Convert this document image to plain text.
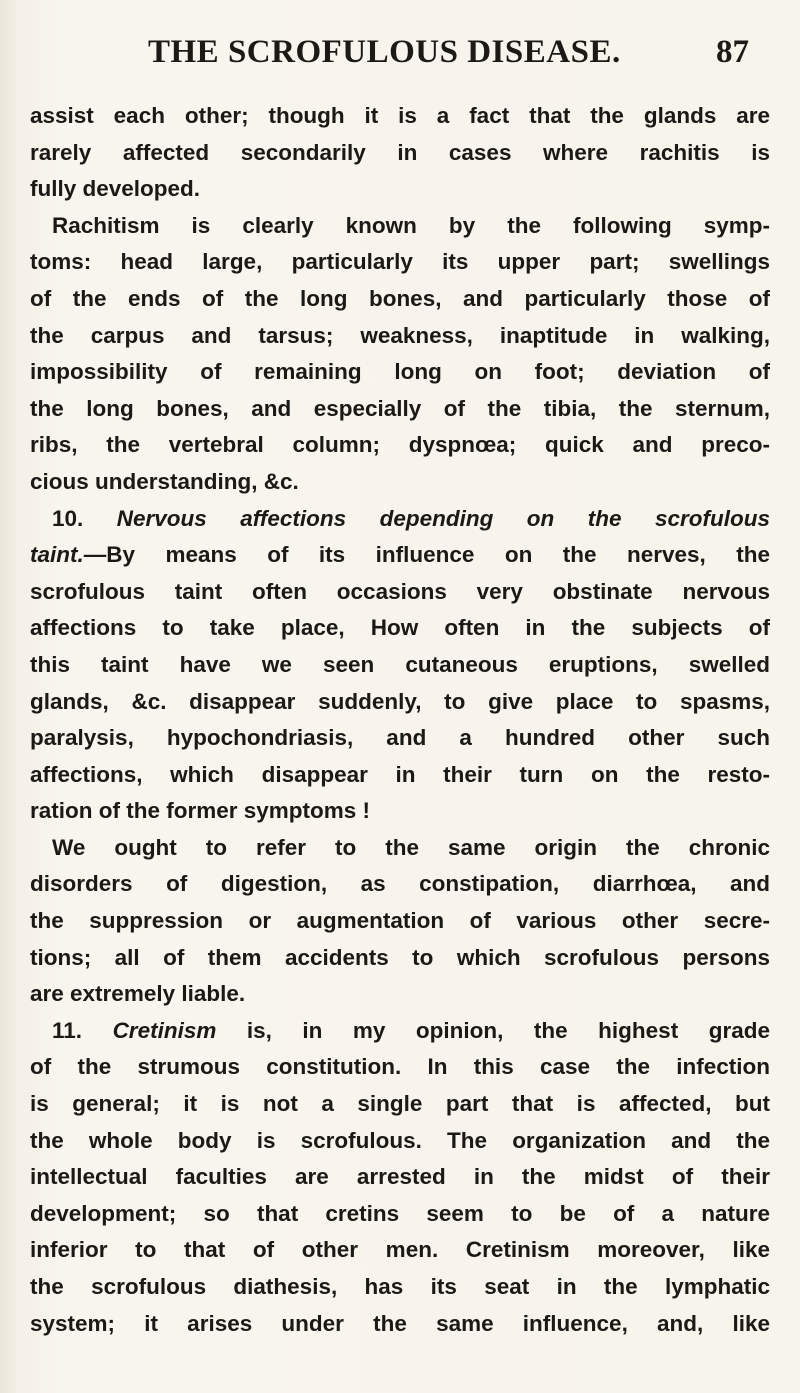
THE SCROFULOUS DISEASE.	87
assist each other; though it is a fact that the glands are
rarely affected secondarily in cases where rachitis is
fully developed.
Rachitism is clearly known by the following symp-
toms: head large, particularly its upper part; swellings
of the ends of the long bones, and particularly those of
the carpus and tarsus; weakness, inaptitude in walking,
impossibility of remaining long on foot; deviation of
the long bones, and especially of the tibia, the sternum,
ribs, the vertebral column; dyspnœa; quick and preco-
cious understanding, &c.
10. Nervous affections depending on the scrofulous
taint.—By means of its influence on the nerves, the
scrofulous taint often occasions very obstinate nervous
affections to take place, How often in the subjects of
this taint have we seen cutaneous eruptions, swelled
glands, &c. disappear suddenly, to give place to spasms,
paralysis, hypochondriasis, and a hundred other such
affections, which disappear in their turn on the resto-
ration of the former symptoms !
We ought to refer to the same origin the chronic
disorders of digestion, as constipation, diarrhœa, and
the suppression or augmentation of various other secre-
tions; all of them accidents to which scrofulous persons
are extremely liable.
11. Cretinism is, in my opinion, the highest grade
of the strumous constitution. In this case the infection
is general; it is not a single part that is affected, but
the whole body is scrofulous. The organization and the
intellectual faculties are arrested in the midst of their
development; so that cretins seem to be of a nature
inferior to that of other men. Cretinism moreover, like
the scrofulous diathesis, has its seat in the lymphatic
system; it arises under the same influence, and, like
